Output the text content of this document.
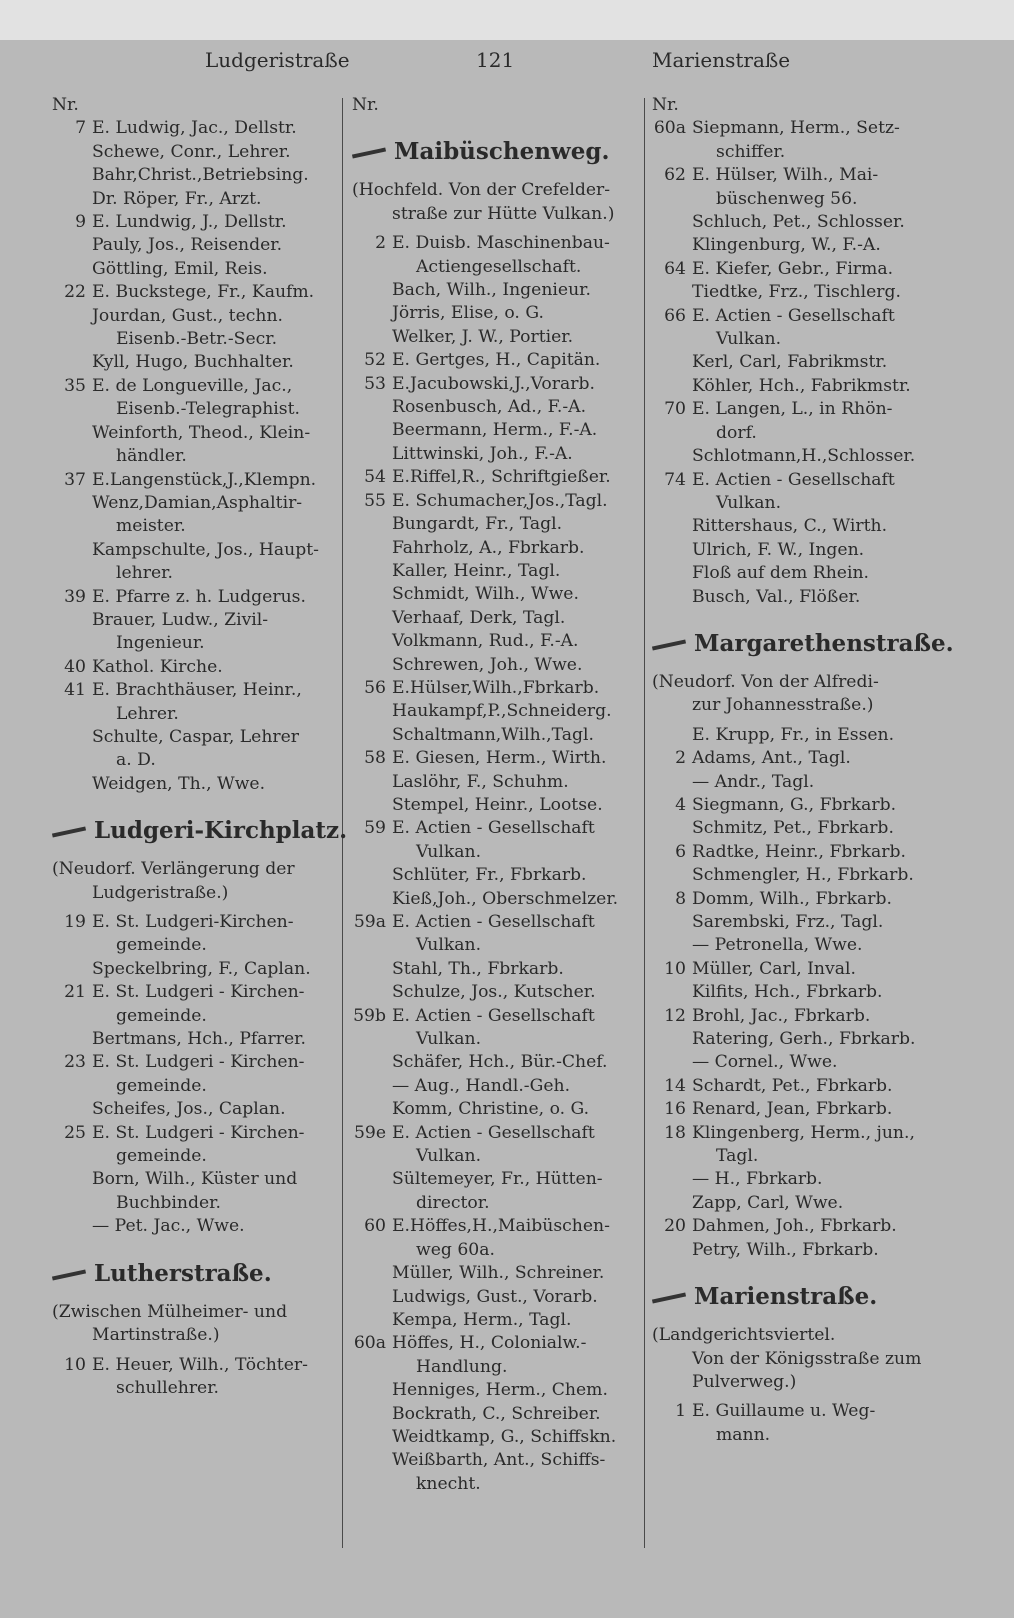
Ludgeristraße	121	Marienstraße
Nr.
7 E. Ludwig, Jac., Dellstr.
Schewe, Conr., Lehrer.
Bahr,Christ.,Betriebsing.
Dr. Röper, Fr., Arzt.
9 E. Lundwig, J., Dellstr.
Pauly, Jos., Reisender.
Göttling, Emil, Reis.
22 E. Buckstege, Fr., Kaufm.
Jourdan, Gust., techn.
Eisenb.-Betr.-Secr.
Kyll, Hugo, Buchhalter.
35 E. de Longueville, Jac.,
Eisenb.-Telegraphist.
Weinforth, Theod., Klein-
händler.
37 E.Langenstück,J.,Klempn.
Wenz,Damian,Asphaltir-
meister.
Kampschulte, Jos., Haupt-
lehrer.
39 E. Pfarre z. h. Ludgerus.
Brauer, Ludw., Zivil-
Ingenieur.
40 Kathol. Kirche.
41 E. Brachthäuser, Heinr.,
Lehrer.
Schulte, Caspar, Lehrer
a. D.
Weidgen, Th., Wwe.
Ludgeri-Kirchplatz.
(Neudorf. Verlängerung der
Ludgeristraße.)
19 E. St. Ludgeri-Kirchen-
gemeinde.
Speckelbring, F., Caplan.
21 E. St. Ludgeri - Kirchen-
gemeinde.
Bertmans, Hch., Pfarrer.
23 E. St. Ludgeri - Kirchen-
gemeinde.
Scheifes, Jos., Caplan.
25 E. St. Ludgeri - Kirchen-
gemeinde.
Born, Wilh., Küster und
Buchbinder.
— Pet. Jac., Wwe.
Lutherstraße.
(Zwischen Mülheimer- und
Martinstraße.)
10 E. Heuer, Wilh., Töchter-
schullehrer.
Nr.
Maibüschenweg.
(Hochfeld. Von der Crefelder-
straße zur Hütte Vulkan.)
2 E. Duisb. Maschinenbau-
Actiengesellschaft.
Bach, Wilh., Ingenieur.
Jörris, Elise, o. G.
Welker, J. W., Portier.
52 E. Gertges, H., Capitän.
53 E.Jacubowski,J.,Vorarb.
Rosenbusch, Ad., F.-A.
Beermann, Herm., F.-A.
Littwinski, Joh., F.-A.
54 E.Riffel,R., Schriftgießer.
55 E. Schumacher,Jos.,Tagl.
Bungardt, Fr., Tagl.
Fahrholz, A., Fbrkarb.
Kaller, Heinr., Tagl.
Schmidt, Wilh., Wwe.
Verhaaf, Derk, Tagl.
Volkmann, Rud., F.-A.
Schrewen, Joh., Wwe.
56 E.Hülser,Wilh.,Fbrkarb.
Haukampf,P.,Schneiderg.
Schaltmann,Wilh.,Tagl.
58 E. Giesen, Herm., Wirth.
Laslöhr, F., Schuhm.
Stempel, Heinr., Lootse.
59 E. Actien - Gesellschaft
Vulkan.
Schlüter, Fr., Fbrkarb.
Kieß,Joh., Oberschmelzer.
59a E. Actien - Gesellschaft
Vulkan.
Stahl, Th., Fbrkarb.
Schulze, Jos., Kutscher.
59b E. Actien - Gesellschaft
Vulkan.
Schäfer, Hch., Bür.-Chef.
— Aug., Handl.-Geh.
Komm, Christine, o. G.
59e E. Actien - Gesellschaft
Vulkan.
Sültemeyer, Fr., Hütten-
director.
60 E.Höffes,H.,Maibüschen-
weg 60a.
Müller, Wilh., Schreiner.
Ludwigs, Gust., Vorarb.
Kempa, Herm., Tagl.
60a Höffes, H., Colonialw.-
Handlung.
Henniges, Herm., Chem.
Bockrath, C., Schreiber.
Weidtkamp, G., Schiffskn.
Weißbarth, Ant., Schiffs-
knecht.
Nr.
60a Siepmann, Herm., Setz-
schiffer.
62 E. Hülser, Wilh., Mai-
büschenweg 56.
Schluch, Pet., Schlosser.
Klingenburg, W., F.-A.
64 E. Kiefer, Gebr., Firma.
Tiedtke, Frz., Tischlerg.
66 E. Actien - Gesellschaft
Vulkan.
Kerl, Carl, Fabrikmstr.
Köhler, Hch., Fabrikmstr.
70 E. Langen, L., in Rhön-
dorf.
Schlotmann,H.,Schlosser.
74 E. Actien - Gesellschaft
Vulkan.
Rittershaus, C., Wirth.
Ulrich, F. W., Ingen.
Floß auf dem Rhein.
Busch, Val., Flößer.
Margarethenstraße.
(Neudorf. Von der Alfredi-
zur Johannesstraße.)
E. Krupp, Fr., in Essen.
2 Adams, Ant., Tagl.
— Andr., Tagl.
4 Siegmann, G., Fbrkarb.
Schmitz, Pet., Fbrkarb.
6 Radtke, Heinr., Fbrkarb.
Schmengler, H., Fbrkarb.
8 Domm, Wilh., Fbrkarb.
Sarembski, Frz., Tagl.
— Petronella, Wwe.
10 Müller, Carl, Inval.
Kilfits, Hch., Fbrkarb.
12 Brohl, Jac., Fbrkarb.
Ratering, Gerh., Fbrkarb.
— Cornel., Wwe.
14 Schardt, Pet., Fbrkarb.
16 Renard, Jean, Fbrkarb.
18 Klingenberg, Herm., jun.,
Tagl.
— H., Fbrkarb.
Zapp, Carl, Wwe.
20 Dahmen, Joh., Fbrkarb.
Petry, Wilh., Fbrkarb.
Marienstraße.
(Landgerichtsviertel.
Von der Königsstraße zum
Pulverweg.)
1 E. Guillaume u. Weg-
mann.
